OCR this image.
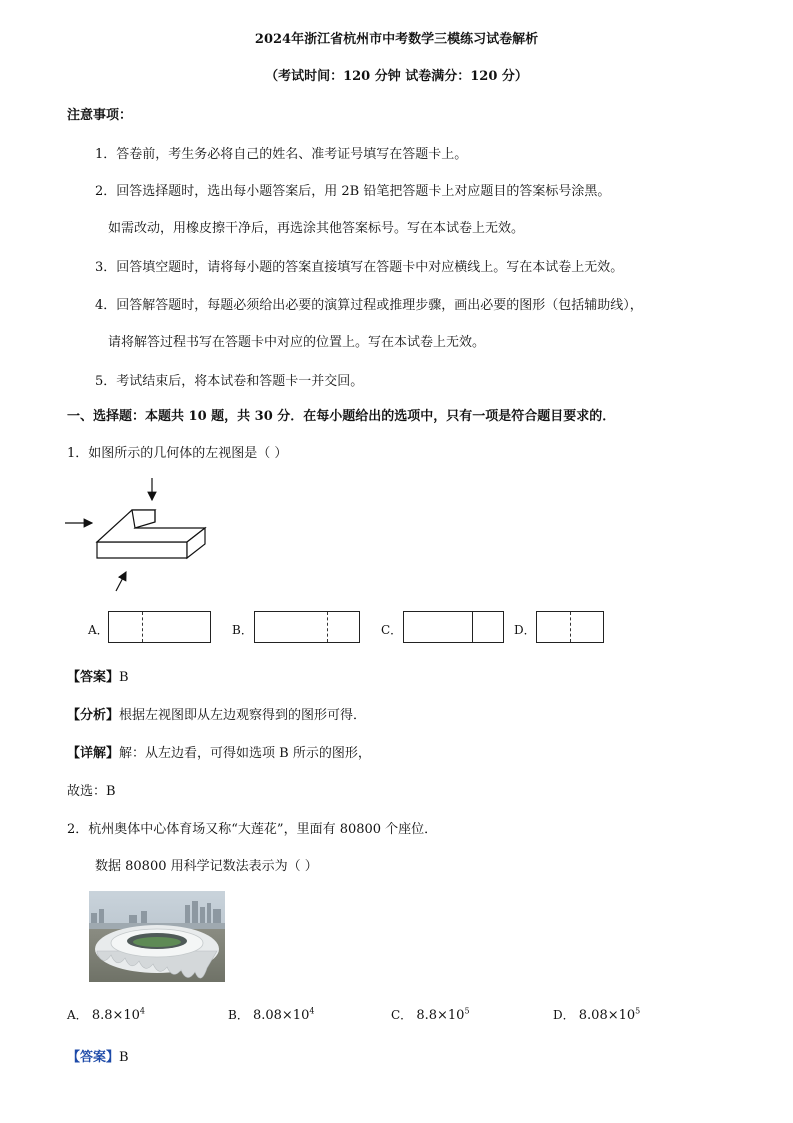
2024年浙江省杭州市中考数学三模练习试卷解析
（考试时间：120 分钟 试卷满分：120 分）
注意事项：
1．答卷前，考生务必将自己的姓名、准考证号填写在答题卡上。
2．回答选择题时，选出每小题答案后，用 2B 铅笔把答题卡上对应题目的答案标号涂黑。
如需改动，用橡皮擦干净后，再选涂其他答案标号。写在本试卷上无效。
3．回答填空题时，请将每小题的答案直接填写在答题卡中对应横线上。写在本试卷上无效。
4．回答解答题时，每题必须给出必要的演算过程或推理步骤，画出必要的图形（包括辅助线），
请将解答过程书写在答题卡中对应的位置上。写在本试卷上无效。
5．考试结束后，将本试卷和答题卡一并交回。
一、选择题：本题共 10 题，共 30 分．在每小题给出的选项中，只有一项是符合题目要求的．
1．如图所示的几何体的左视图是（ ）
A．	B．	C．	D．
【答案】B
【分析】根据左视图即从左边观察得到的图形可得．
【详解】解：从左边看，可得如选项 B 所示的图形，
故选：B
2．杭州奥体中心体育场又称“大莲花”，里面有 80800 个座位．
数据 80800 用科学记数法表示为（ ）
A． $8.8\times 10^4$	B． $8.08\times 10^4$	C． $8.8\times 10^5$	D． $8.08\times 10^5$
【答案】B
